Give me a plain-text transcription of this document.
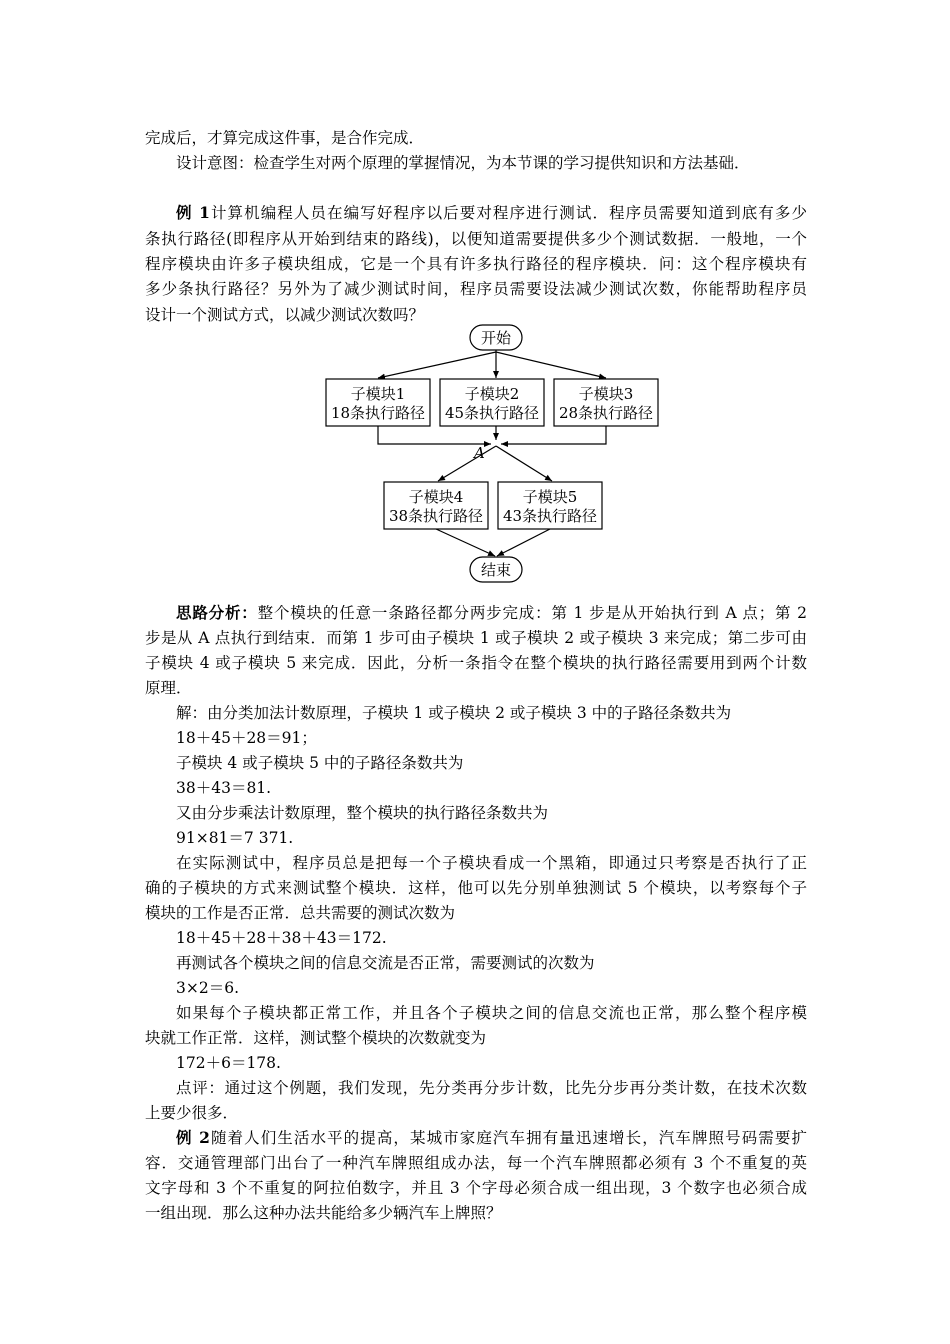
完成后，才算完成这件事，是合作完成．
设计意图：检查学生对两个原理的掌握情况，为本节课的学习提供知识和方法基础．
例 1计算机编程人员在编写好程序以后要对程序进行测试．程序员需要知道到底有多少
条执行路径(即程序从开始到结束的路线)，以便知道需要提供多少个测试数据．一般地，一个
程序模块由许多子模块组成，它是一个具有许多执行路径的程序模块．问：这个程序模块有
多少条执行路径？另外为了减少测试时间，程序员需要设法减少测试次数，你能帮助程序员
设计一个测试方式，以减少测试次数吗？
开始
子模块1
18条执行路径
子模块2
45条执行路径
子模块3
28条执行路径
A
子模块4
38条执行路径
子模块5
43条执行路径
结束
思路分析：整个模块的任意一条路径都分两步完成：第 1 步是从开始执行到 A 点；第 2
步是从 A 点执行到结束．而第 1 步可由子模块 1 或子模块 2 或子模块 3 来完成；第二步可由
子模块 4 或子模块 5 来完成．因此，分析一条指令在整个模块的执行路径需要用到两个计数
原理．
解：由分类加法计数原理，子模块 1 或子模块 2 或子模块 3 中的子路径条数共为
18＋45＋28＝91；
子模块 4 或子模块 5 中的子路径条数共为
38＋43＝81.
又由分步乘法计数原理，整个模块的执行路径条数共为
91×81＝7 371.
在实际测试中，程序员总是把每一个子模块看成一个黑箱，即通过只考察是否执行了正
确的子模块的方式来测试整个模块．这样，他可以先分别单独测试 5 个模块，以考察每个子
模块的工作是否正常．总共需要的测试次数为
18＋45＋28＋38＋43＝172.
再测试各个模块之间的信息交流是否正常，需要测试的次数为
3×2＝6.
如果每个子模块都正常工作，并且各个子模块之间的信息交流也正常，那么整个程序模
块就工作正常．这样，测试整个模块的次数就变为
172＋6＝178.
点评：通过这个例题，我们发现，先分类再分步计数，比先分步再分类计数，在技术次数
上要少很多．
例 2随着人们生活水平的提高，某城市家庭汽车拥有量迅速增长，汽车牌照号码需要扩
容．交通管理部门出台了一种汽车牌照组成办法，每一个汽车牌照都必须有 3 个不重复的英
文字母和 3 个不重复的阿拉伯数字，并且 3 个字母必须合成一组出现，3 个数字也必须合成
一组出现．那么这种办法共能给多少辆汽车上牌照？
